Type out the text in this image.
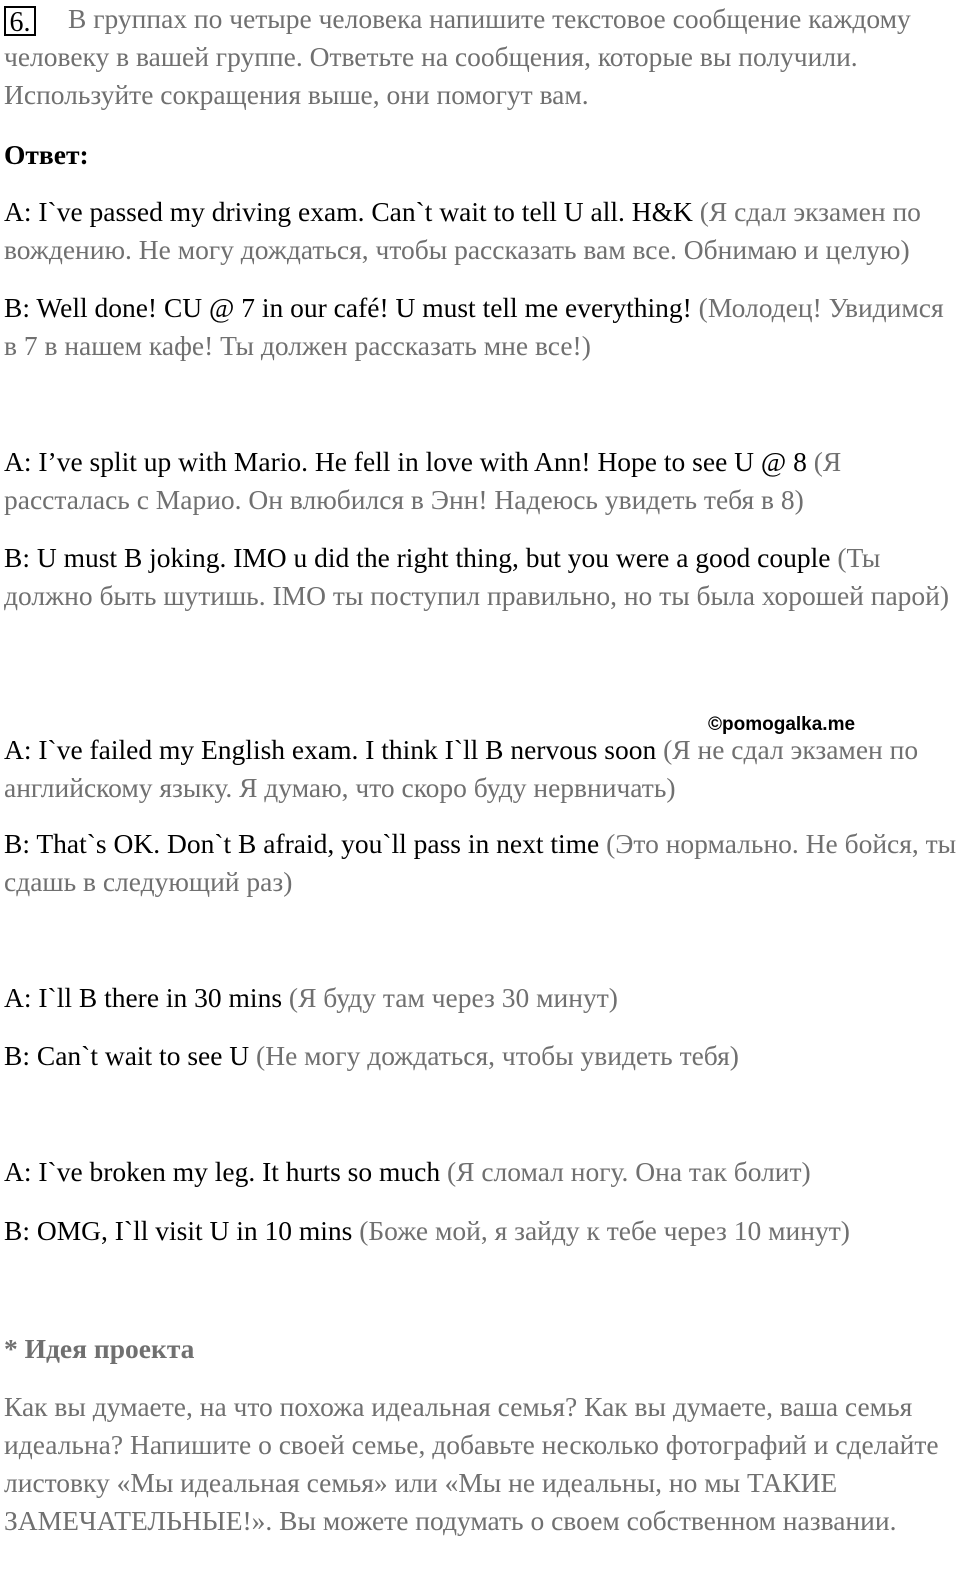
6. В группах по четыре человека напишите текстовое сообщение каждому человеку в вашей группе. Ответьте на сообщения, которые вы получили. Используйте сокращения выше, они помогут вам.
Ответ:
A: I`ve passed my driving exam. Can`t wait to tell U all. H&K (Я сдал экзамен по вождению. Не могу дождаться, чтобы рассказать вам все. Обнимаю и целую)
B: Well done! CU @ 7 in our café! U must tell me everything! (Молодец! Увидимся в 7 в нашем кафе! Ты должен рассказать мне все!)
A: I’ve split up with Mario. He fell in love with Ann! Hope to see U @ 8 (Я рассталась с Марио. Он влюбился в Энн! Надеюсь увидеть тебя в 8)
B: U must B joking. IMO u did the right thing, but you were a good couple (Ты должно быть шутишь. IMO ты поступил правильно, но ты была хорошей парой)
©pomogalka.me
A: I`ve failed my English exam. I think I`ll B nervous soon (Я не сдал экзамен по английскому языку. Я думаю, что скоро буду нервничать)
B: That`s OK. Don`t B afraid, you`ll pass in next time (Это нормально. Не бойся, ты сдашь в следующий раз)
A: I`ll B there in 30 mins (Я буду там через 30 минут)
B: Can`t wait to see U (Не могу дождаться, чтобы увидеть тебя)
A: I`ve broken my leg. It hurts so much (Я сломал ногу. Она так болит)
B: OMG, I`ll visit U in 10 mins (Боже мой, я зайду к тебе через 10 минут)
* Идея проекта
Как вы думаете, на что похожа идеальная семья? Как вы думаете, ваша семья идеальна? Напишите о своей семье, добавьте несколько фотографий и сделайте листовку «Мы идеальная семья» или «Мы не идеальны, но мы ТАКИЕ ЗАМЕЧАТЕЛЬНЫЕ!». Вы можете подумать о своем собственном названии.
